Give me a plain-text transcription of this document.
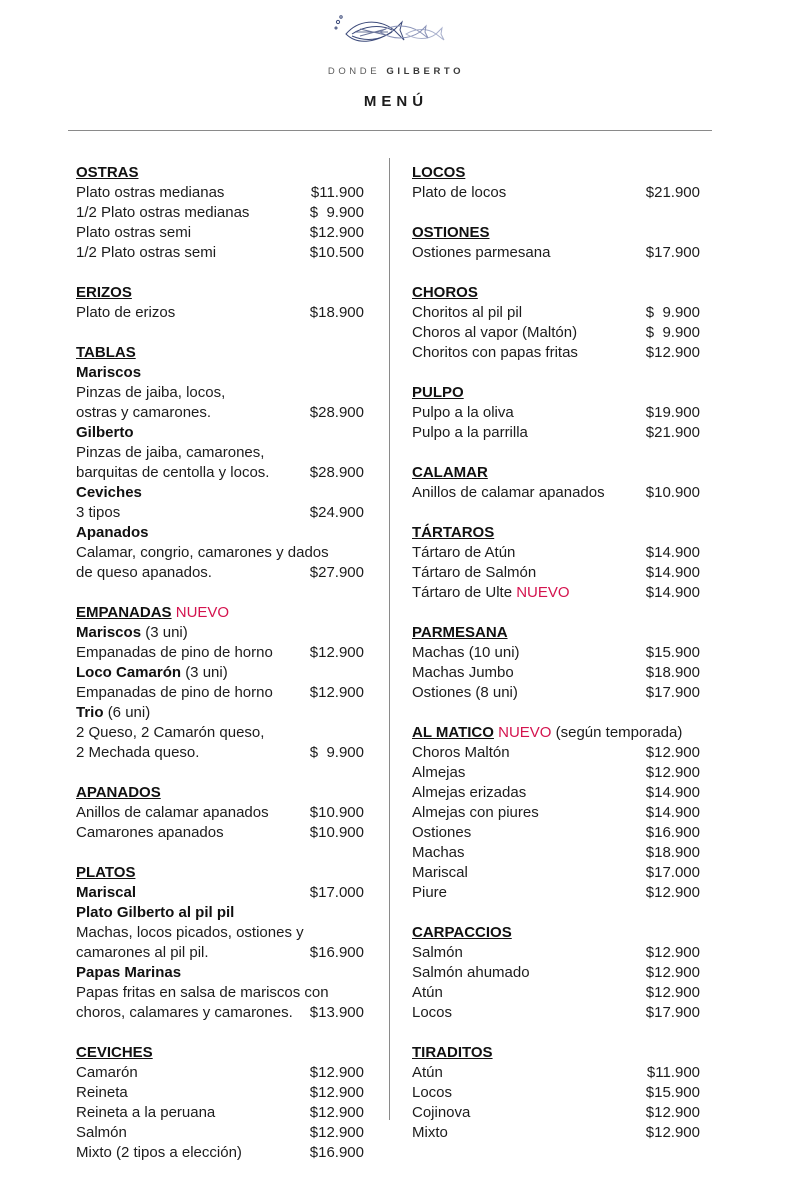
DONDE GILBERTO
MENÚ
OSTRAS
Plato ostras medianas	$11.900
1/2 Plato ostras medianas	$  9.900
Plato ostras semi	$12.900
1/2 Plato ostras semi	$10.500
ERIZOS
Plato de erizos	$18.900
TABLAS
Mariscos
Pinzas de jaiba, locos,
ostras y camarones.	$28.900
Gilberto
Pinzas de jaiba, camarones,
barquitas de centolla y locos.	$28.900
Ceviches
3 tipos	$24.900
Apanados
Calamar, congrio, camarones y dados
de queso apanados.	$27.900
EMPANADAS NUEVO
Mariscos (3 uni)
Empanadas de pino de horno $12.900
Loco Camarón (3 uni)
Empanadas de pino de horno $12.900
Trio (6 uni)
2 Queso, 2 Camarón queso,
2 Mechada queso.	$  9.900
APANADOS
Anillos de calamar apanados	$10.900
Camarones apanados	$10.900
PLATOS
Mariscal	$17.000
Plato Gilberto al pil pil
Machas, locos picados, ostiones y
camarones al pil pil.	$16.900
Papas Marinas
Papas fritas en salsa de mariscos con
choros, calamares y camarones. $13.900
CEVICHES
Camarón	$12.900
Reineta	$12.900
Reineta a la peruana	$12.900
Salmón	$12.900
Mixto (2 tipos a elección)	$16.900
LOCOS
Plato de locos	$21.900
OSTIONES
Ostiones parmesana	$17.900
CHOROS
Choritos al pil pil	$  9.900
Choros al vapor (Maltón)	$  9.900
Choritos con papas fritas	$12.900
PULPO
Pulpo a la oliva	$19.900
Pulpo a la parrilla	$21.900
CALAMAR
Anillos de calamar apanados	$10.900
TÁRTAROS
Tártaro de Atún	$14.900
Tártaro de Salmón	$14.900
Tártaro de Ulte NUEVO	$14.900
PARMESANA
Machas (10 uni)	$15.900
Machas Jumbo	$18.900
Ostiones (8 uni)	$17.900
AL MATICO NUEVO (según temporada)
Choros Maltón	$12.900
Almejas	$12.900
Almejas erizadas	$14.900
Almejas con piures	$14.900
Ostiones	$16.900
Machas	$18.900
Mariscal	$17.000
Piure	$12.900
CARPACCIOS
Salmón	$12.900
Salmón ahumado	$12.900
Atún	$12.900
Locos	$17.900
TIRADITOS
Atún	$11.900
Locos	$15.900
Cojinova	$12.900
Mixto	$12.900
